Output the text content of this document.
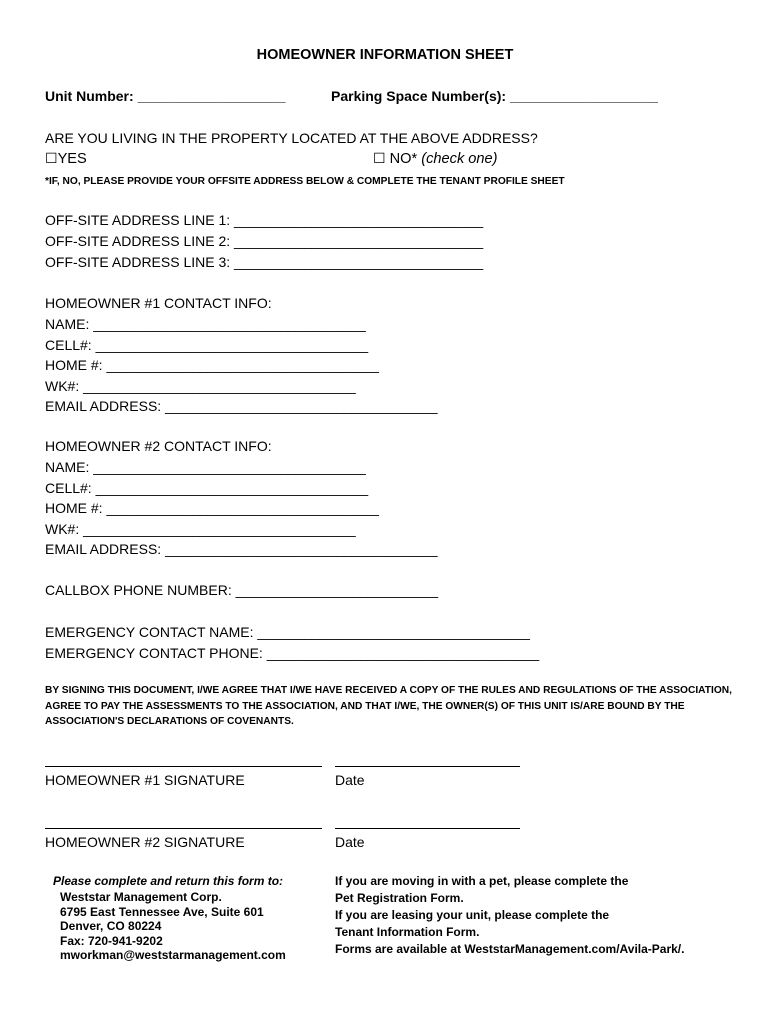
HOMEOWNER INFORMATION SHEET
Unit Number: ___________________	Parking Space Number(s): ___________________
ARE YOU LIVING IN THE PROPERTY LOCATED AT THE ABOVE ADDRESS?
☐YES	☐ NO* (check one)
*IF, NO, PLEASE PROVIDE YOUR OFFSITE ADDRESS BELOW & COMPLETE THE TENANT PROFILE SHEET
OFF-SITE ADDRESS LINE 1: ________________________________
OFF-SITE ADDRESS LINE 2: ________________________________
OFF-SITE ADDRESS LINE 3: ________________________________
HOMEOWNER #1 CONTACT INFO:
NAME: ___________________________________
CELL#: ___________________________________
HOME #: ___________________________________
WK#: ___________________________________
EMAIL ADDRESS: ___________________________________
HOMEOWNER #2 CONTACT INFO:
NAME: ___________________________________
CELL#: ___________________________________
HOME #: ___________________________________
WK#: ___________________________________
EMAIL ADDRESS: ___________________________________
CALLBOX PHONE NUMBER: __________________________
EMERGENCY CONTACT NAME: ___________________________________
EMERGENCY CONTACT PHONE: ___________________________________
BY SIGNING THIS DOCUMENT, I/WE AGREE THAT I/WE HAVE RECEIVED A COPY OF THE RULES AND REGULATIONS OF THE ASSOCIATION, AGREE TO PAY THE ASSESSMENTS TO THE ASSOCIATION, AND THAT I/WE, THE OWNER(S) OF THIS UNIT IS/ARE BOUND BY THE ASSOCIATION'S DECLARATIONS OF COVENANTS.
HOMEOWNER #1 SIGNATURE	Date
HOMEOWNER #2 SIGNATURE	Date
Please complete and return this form to:
Weststar Management Corp.
6795 East Tennessee Ave, Suite 601
Denver, CO 80224
Fax: 720-941-9202
mworkman@weststarmanagement.com
If you are moving in with a pet, please complete the
Pet Registration Form.
If you are leasing your unit, please complete the
Tenant Information Form.
Forms are available at WeststarManagement.com/Avila-Park/.
